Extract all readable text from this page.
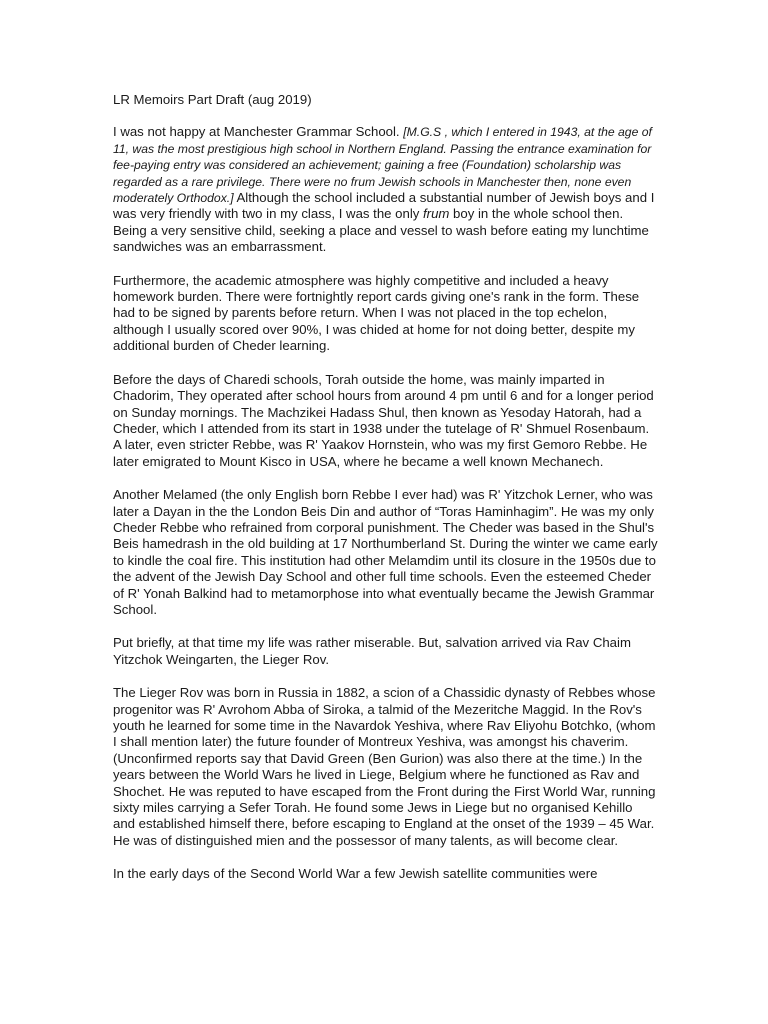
LR Memoirs Part Draft (aug 2019)

I was not happy at Manchester Grammar School. [M.G.S , which I entered in 1943, at the age of 11, was the most prestigious high school in Northern England. Passing the entrance examination for fee-paying entry was considered an achievement; gaining a free (Foundation) scholarship was regarded as a rare privilege. There were no frum Jewish schools in Manchester then, none even moderately Orthodox.] Although the school included a substantial number of Jewish boys and I was very friendly with two in my class, I was the only frum boy in the whole school then. Being a very sensitive child, seeking a place and vessel to wash before eating my lunchtime sandwiches was an embarrassment.

Furthermore, the academic atmosphere was highly competitive and included a heavy homework burden. There were fortnightly report cards giving one's rank in the form. These had to be signed by parents before return. When I was not placed in the top echelon, although I usually scored over 90%, I was chided at home for not doing better, despite my additional burden of Cheder learning.

Before the days of Charedi schools, Torah outside the home, was mainly imparted in Chadorim, They operated after school hours from around 4 pm until 6 and for a longer period on Sunday mornings. The Machzikei Hadass Shul, then known as Yesoday Hatorah, had a Cheder, which I attended from its start in 1938 under the tutelage of R' Shmuel Rosenbaum. A later, even stricter Rebbe, was R' Yaakov Hornstein, who was my first Gemoro Rebbe. He later emigrated to Mount Kisco in USA, where he became a well known Mechanech.

Another Melamed (the only English born Rebbe I ever had) was R' Yitzchok Lerner, who was later a Dayan in the the London Beis Din and author of “Toras Haminhagim”. He was my only Cheder Rebbe who refrained from corporal punishment. The Cheder was based in the Shul's Beis hamedrash in the old building at 17 Northumberland St. During the winter we came early to kindle the coal fire. This institution had other Melamdim until its closure in the 1950s due to the advent of the Jewish Day School and other full time schools. Even the esteemed Cheder of R' Yonah Balkind had to metamorphose into what eventually became the Jewish Grammar School.

Put briefly, at that time my life was rather miserable. But, salvation arrived via Rav Chaim Yitzchok Weingarten, the Lieger Rov.

The Lieger Rov was born in Russia in 1882, a scion of a Chassidic dynasty of Rebbes whose progenitor was R' Avrohom Abba of Siroka, a talmid of the Mezeritche Maggid. In the Rov's youth he learned for some time in the Navardok Yeshiva, where Rav Eliyohu Botchko, (whom I shall mention later) the future founder of Montreux Yeshiva, was amongst his chaverim. (Unconfirmed reports say that David Green (Ben Gurion) was also there at the time.) In the years between the World Wars he lived in Liege, Belgium where he functioned as Rav and Shochet. He was reputed to have escaped from the Front during the First World War, running sixty miles carrying a Sefer Torah. He found some Jews in Liege but no organised Kehillo and established himself there, before escaping to England at the onset of the 1939 – 45 War. He was of distinguished mien and the possessor of many talents, as will become clear.

In the early days of the Second World War a few Jewish satellite communities were
